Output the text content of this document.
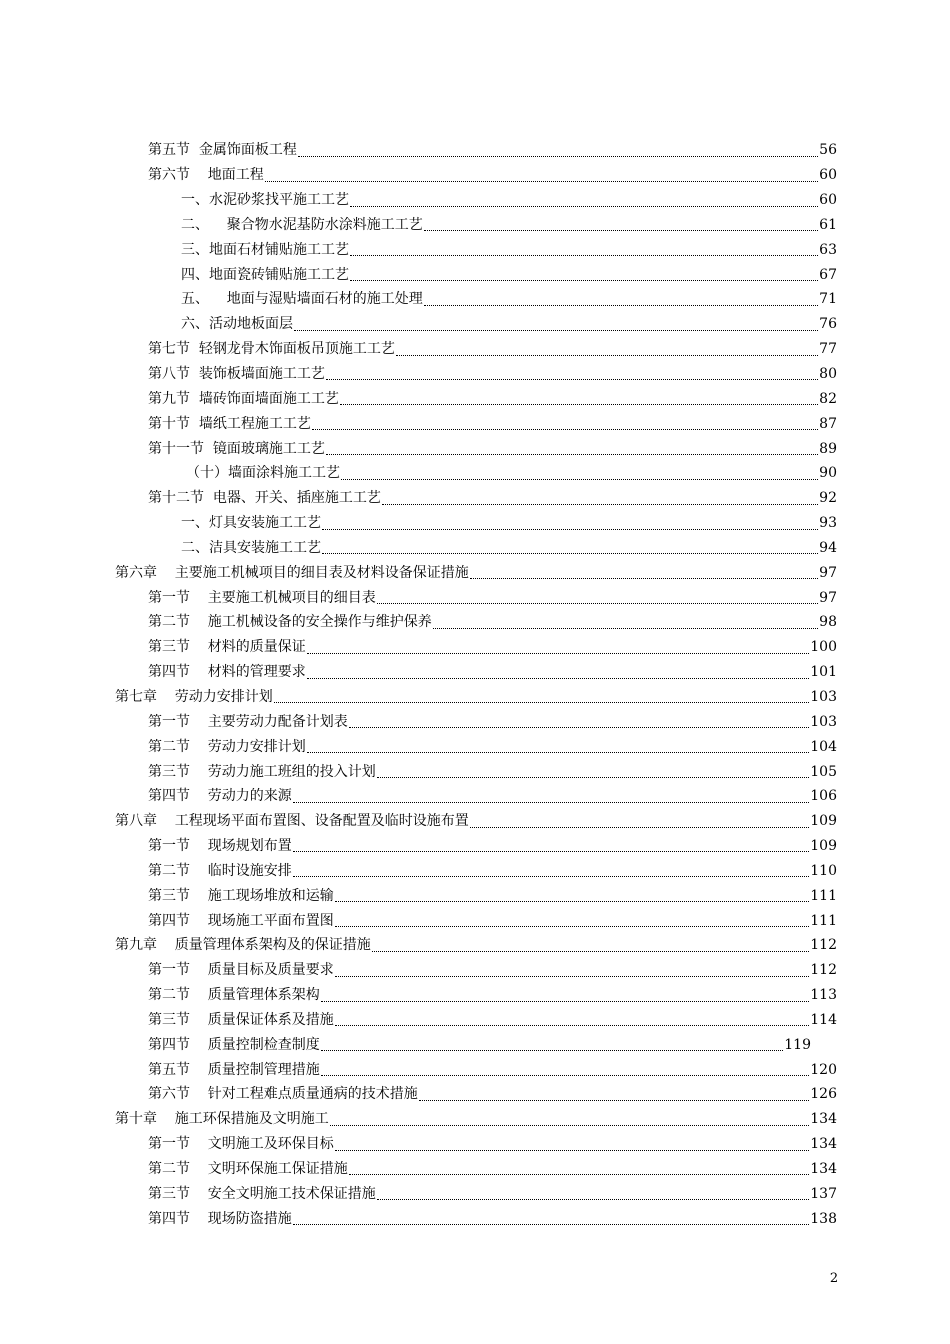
第五节  金属饰面板工程	56
第六节    地面工程	60
一、水泥砂浆找平施工工艺	60
二、    聚合物水泥基防水涂料施工工艺	61
三、地面石材铺贴施工工艺	63
四、地面瓷砖铺贴施工工艺	67
五、    地面与湿贴墙面石材的施工处理	71
六、活动地板面层	76
第七节  轻钢龙骨木饰面板吊顶施工工艺	77
第八节  装饰板墙面施工工艺	80
第九节  墙砖饰面墙面施工工艺	82
第十节  墙纸工程施工工艺	87
第十一节  镜面玻璃施工工艺	89
（十）墙面涂料施工工艺	90
第十二节  电器、开关、插座施工工艺	92
一、灯具安装施工工艺	93
二、洁具安装施工工艺	94
第六章    主要施工机械项目的细目表及材料设备保证措施	97
第一节    主要施工机械项目的细目表	97
第二节    施工机械设备的安全操作与维护保养	98
第三节    材料的质量保证	100
第四节    材料的管理要求	101
第七章    劳动力安排计划	103
第一节    主要劳动力配备计划表	103
第二节    劳动力安排计划	104
第三节    劳动力施工班组的投入计划	105
第四节    劳动力的来源	106
第八章    工程现场平面布置图、设备配置及临时设施布置	109
第一节    现场规划布置	109
第二节    临时设施安排	110
第三节    施工现场堆放和运输	111
第四节    现场施工平面布置图	111
第九章    质量管理体系架构及的保证措施	112
第一节    质量目标及质量要求	112
第二节    质量管理体系架构	113
第三节    质量保证体系及措施	114
第四节    质量控制检查制度	119
第五节    质量控制管理措施	120
第六节    针对工程难点质量通病的技术措施	126
第十章    施工环保措施及文明施工	134
第一节    文明施工及环保目标	134
第二节    文明环保施工保证措施	134
第三节    安全文明施工技术保证措施	137
第四节    现场防盗措施	138
2
